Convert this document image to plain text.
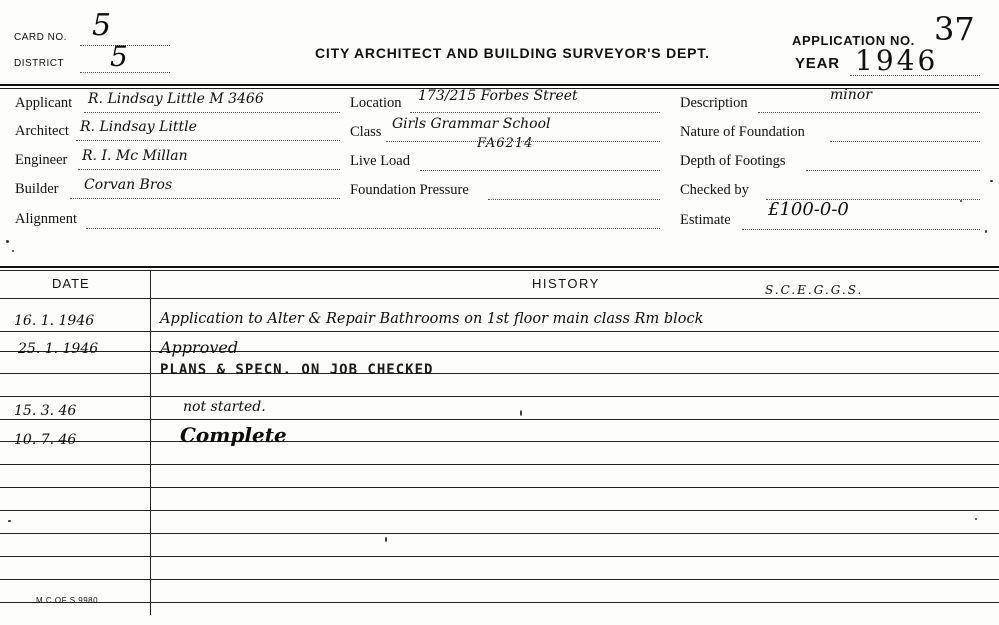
CARD NO. 5
DISTRICT 5	CITY ARCHITECT AND BUILDING SURVEYOR'S DEPT.
APPLICATION NO. 37
YEAR 1946
Applicant R. Lindsay Little M 3466
Architect R. Lindsay Little
Engineer R. I. Mc Millan
Builder Corvan Bros
Alignment
Location 173/215 Forbes Street
Class Girls Grammar School
FA6214
Live Load
Foundation Pressure
Description	minor
Nature of Foundation
Depth of Footings
Checked by
Estimate £100-0-0
DATE	HISTORY	S.C.E.G.G.S.
16. 1. 1946	Application to Alter & Repair Bathrooms on 1st floor main class Rm block
25. 1. 1946	Approved
PLANS & SPECN. ON JOB CHECKED
15. 3. 46	not started.
10. 7. 46	Complete
M.C OF S 9980
